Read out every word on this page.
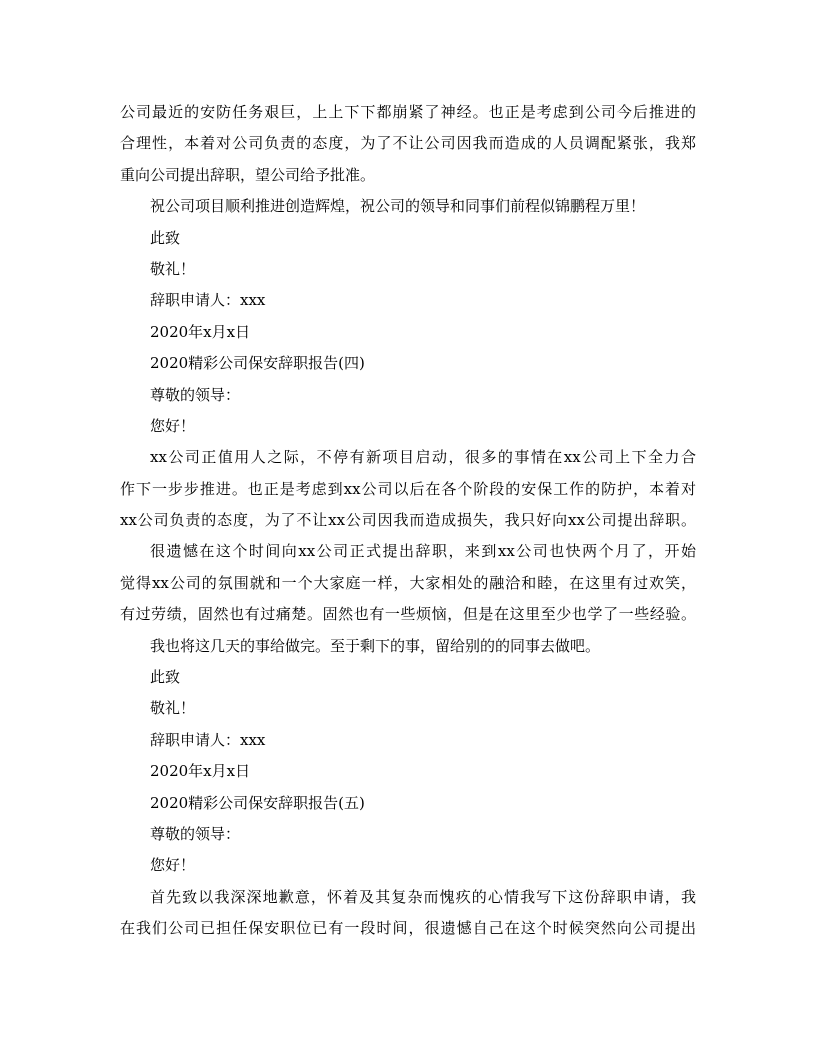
公司最近的安防任务艰巨，上上下下都崩紧了神经。也正是考虑到公司今后推进的
合理性，本着对公司负责的态度，为了不让公司因我而造成的人员调配紧张，我郑
重向公司提出辞职，望公司给予批准。
祝公司项目顺利推进创造辉煌，祝公司的领导和同事们前程似锦鹏程万里！
此致
敬礼！
辞职申请人：xxx
2020年x月x日
2020精彩公司保安辞职报告(四)
尊敬的领导：
您好！
xx公司正值用人之际，不停有新项目启动，很多的事情在xx公司上下全力合
作下一步步推进。也正是考虑到xx公司以后在各个阶段的安保工作的防护，本着对
xx公司负责的态度，为了不让xx公司因我而造成损失，我只好向xx公司提出辞职。
很遗憾在这个时间向xx公司正式提出辞职，来到xx公司也快两个月了，开始
觉得xx公司的氛围就和一个大家庭一样，大家相处的融洽和睦，在这里有过欢笑，
有过劳绩，固然也有过痛楚。固然也有一些烦恼，但是在这里至少也学了一些经验。
我也将这几天的事给做完。至于剩下的事，留给别的的同事去做吧。
此致
敬礼！
辞职申请人：xxx
2020年x月x日
2020精彩公司保安辞职报告(五)
尊敬的领导：
您好！
首先致以我深深地歉意，怀着及其复杂而愧疚的心情我写下这份辞职申请，我
在我们公司已担任保安职位已有一段时间，很遗憾自己在这个时候突然向公司提出
